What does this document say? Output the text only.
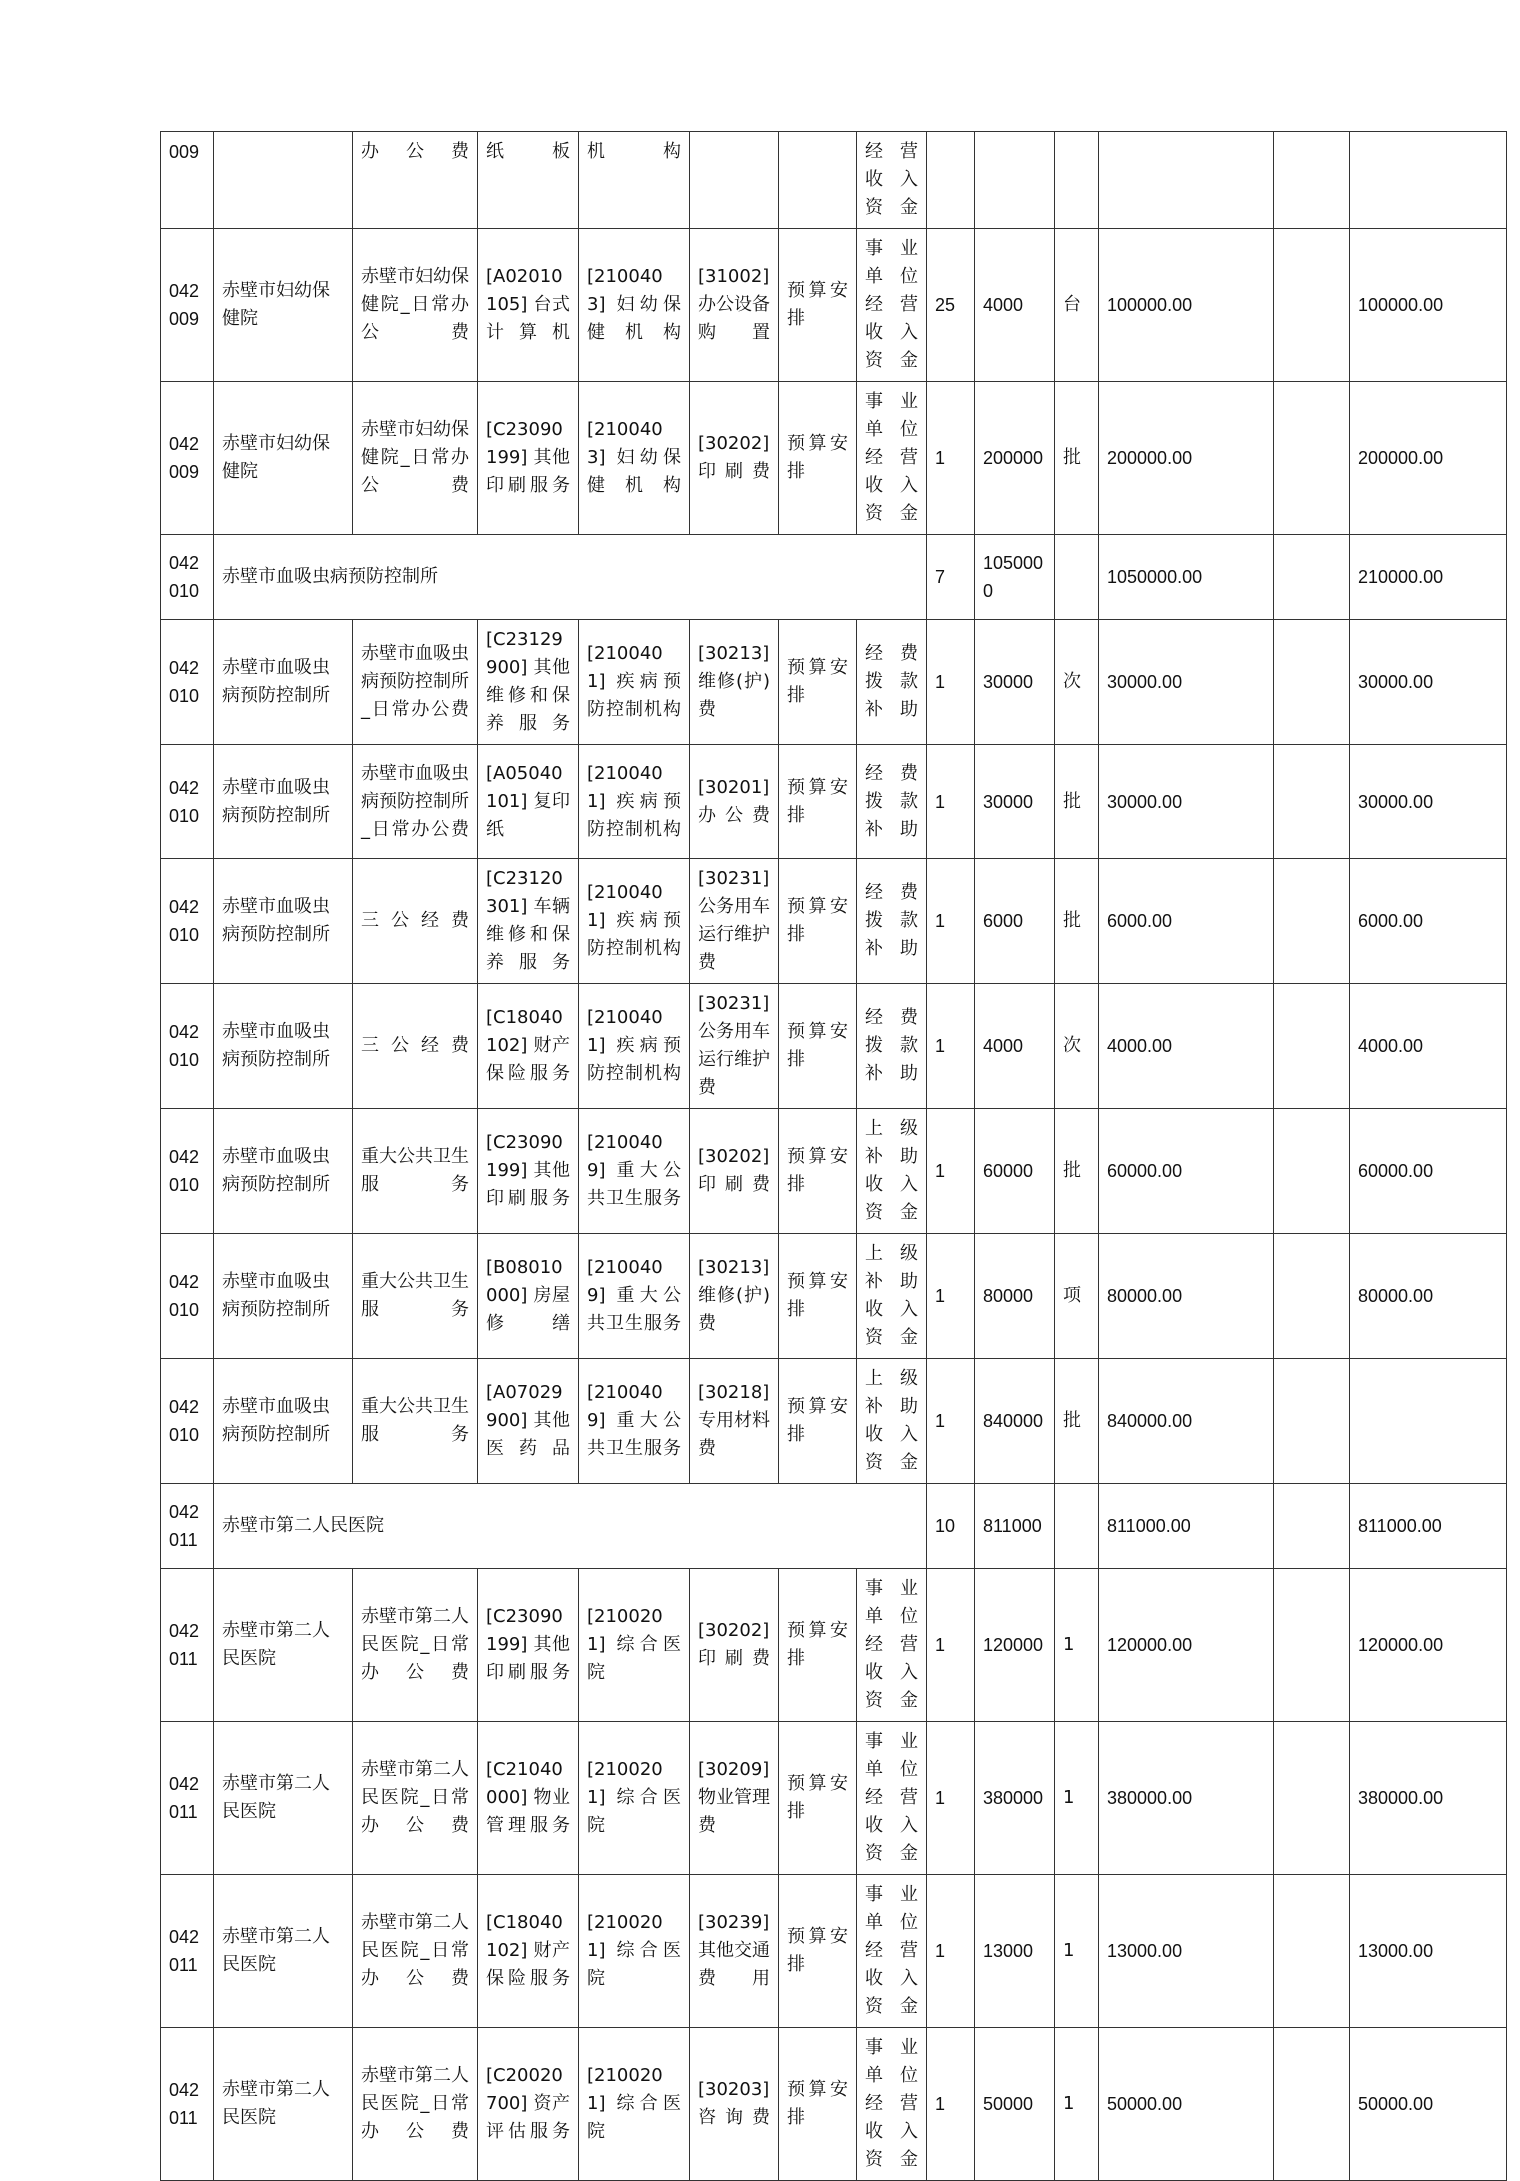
009		办公费	纸板	机构			经营收入资金						
042009	赤壁市妇幼保健院	赤壁市妇幼保健院_日常办公费	[A02010105] 台式计算机	[2100403] 妇幼保健机构	[31002] 办公设备购置	预算安排	事业单位经营收入资金	25	4000	台	100000.00		100000.00
042009	赤壁市妇幼保健院	赤壁市妇幼保健院_日常办公费	[C23090199] 其他印刷服务	[2100403] 妇幼保健机构	[30202] 印刷费	预算安排	事业单位经营收入资金	1	200000	批	200000.00		200000.00
042010	赤壁市血吸虫病预防控制所							7	1050000		1050000.00		210000.00
042010	赤壁市血吸虫病预防控制所	赤壁市血吸虫病预防控制所_日常办公费	[C23129900] 其他维修和保养服务	[2100401] 疾病预防控制机构	[30213] 维修(护)费	预算安排	经费拨款补助	1	30000	次	30000.00		30000.00
042010	赤壁市血吸虫病预防控制所	赤壁市血吸虫病预防控制所_日常办公费	[A05040101] 复印纸	[2100401] 疾病预防控制机构	[30201] 办公费	预算安排	经费拨款补助	1	30000	批	30000.00		30000.00
042010	赤壁市血吸虫病预防控制所	三公经费	[C23120301] 车辆维修和保养服务	[2100401] 疾病预防控制机构	[30231] 公务用车运行维护费	预算安排	经费拨款补助	1	6000	批	6000.00		6000.00
042010	赤壁市血吸虫病预防控制所	三公经费	[C18040102] 财产保险服务	[2100401] 疾病预防控制机构	[30231] 公务用车运行维护费	预算安排	经费拨款补助	1	4000	次	4000.00		4000.00
042010	赤壁市血吸虫病预防控制所	重大公共卫生服务	[C23090199] 其他印刷服务	[2100409] 重大公共卫生服务	[30202] 印刷费	预算安排	上级补助收入资金	1	60000	批	60000.00		60000.00
042010	赤壁市血吸虫病预防控制所	重大公共卫生服务	[B08010000] 房屋修缮	[2100409] 重大公共卫生服务	[30213] 维修(护)费	预算安排	上级补助收入资金	1	80000	项	80000.00		80000.00
042010	赤壁市血吸虫病预防控制所	重大公共卫生服务	[A07029900] 其他医药品	[2100409] 重大公共卫生服务	[30218] 专用材料费	预算安排	上级补助收入资金	1	840000	批	840000.00		
042011	赤壁市第二人民医院							10	811000		811000.00		811000.00
042011	赤壁市第二人民医院	赤壁市第二人民医院_日常办公费	[C23090199] 其他印刷服务	[2100201] 综合医院	[30202] 印刷费	预算安排	事业单位经营收入资金	1	120000	1	120000.00		120000.00
042011	赤壁市第二人民医院	赤壁市第二人民医院_日常办公费	[C21040000] 物业管理服务	[2100201] 综合医院	[30209] 物业管理费	预算安排	事业单位经营收入资金	1	380000	1	380000.00		380000.00
042011	赤壁市第二人民医院	赤壁市第二人民医院_日常办公费	[C18040102] 财产保险服务	[2100201] 综合医院	[30239] 其他交通费用	预算安排	事业单位经营收入资金	1	13000	1	13000.00		13000.00
042011	赤壁市第二人民医院	赤壁市第二人民医院_日常办公费	[C20020700] 资产评估服务	[2100201] 综合医院	[30203] 咨询费	预算安排	事业单位经营收入资金	1	50000	1	50000.00		50000.00
